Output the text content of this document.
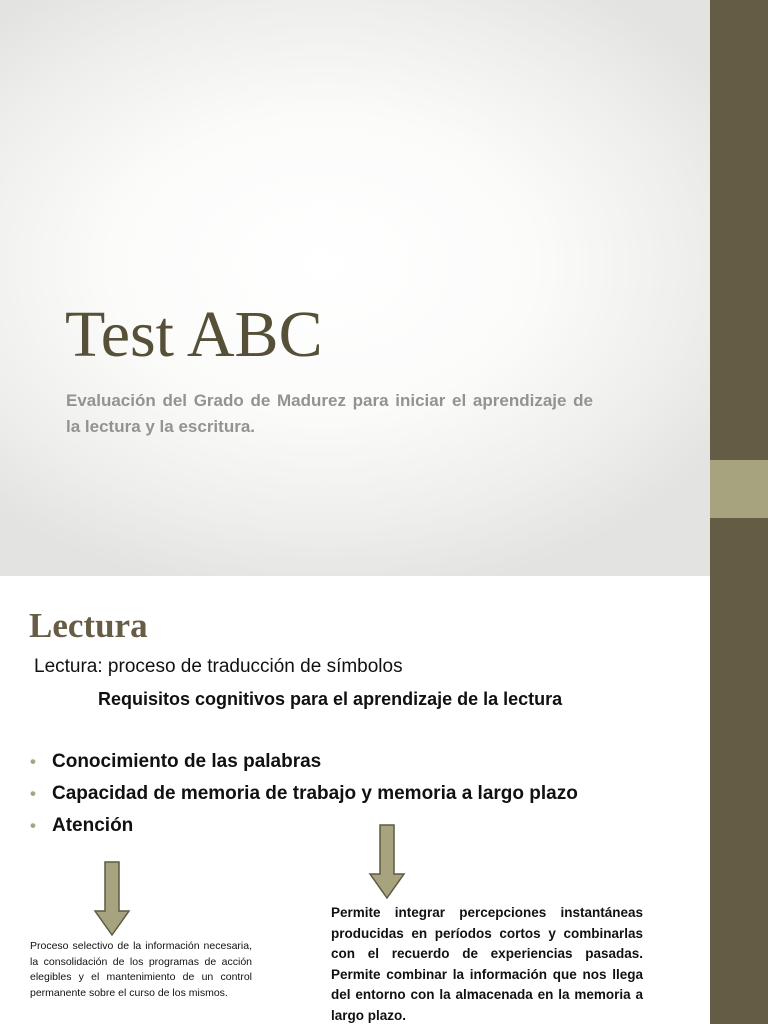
Test ABC
Evaluación del Grado de Madurez para iniciar el aprendizaje de la lectura y la escritura.
Lectura
Lectura: proceso de traducción de símbolos
Requisitos cognitivos para el aprendizaje de la lectura
• Conocimiento de las palabras
• Capacidad de memoria de trabajo y memoria a largo plazo
• Atención
Proceso selectivo de la información necesaria, la consolidación de los programas de acción elegibles y el mantenimiento de un control permanente sobre el curso de los mismos.
Permite integrar percepciones instantáneas producidas en períodos cortos y combinarlas con el recuerdo de experiencias pasadas. Permite combinar la información que nos llega del entorno con la almacenada en la memoria a largo plazo.
